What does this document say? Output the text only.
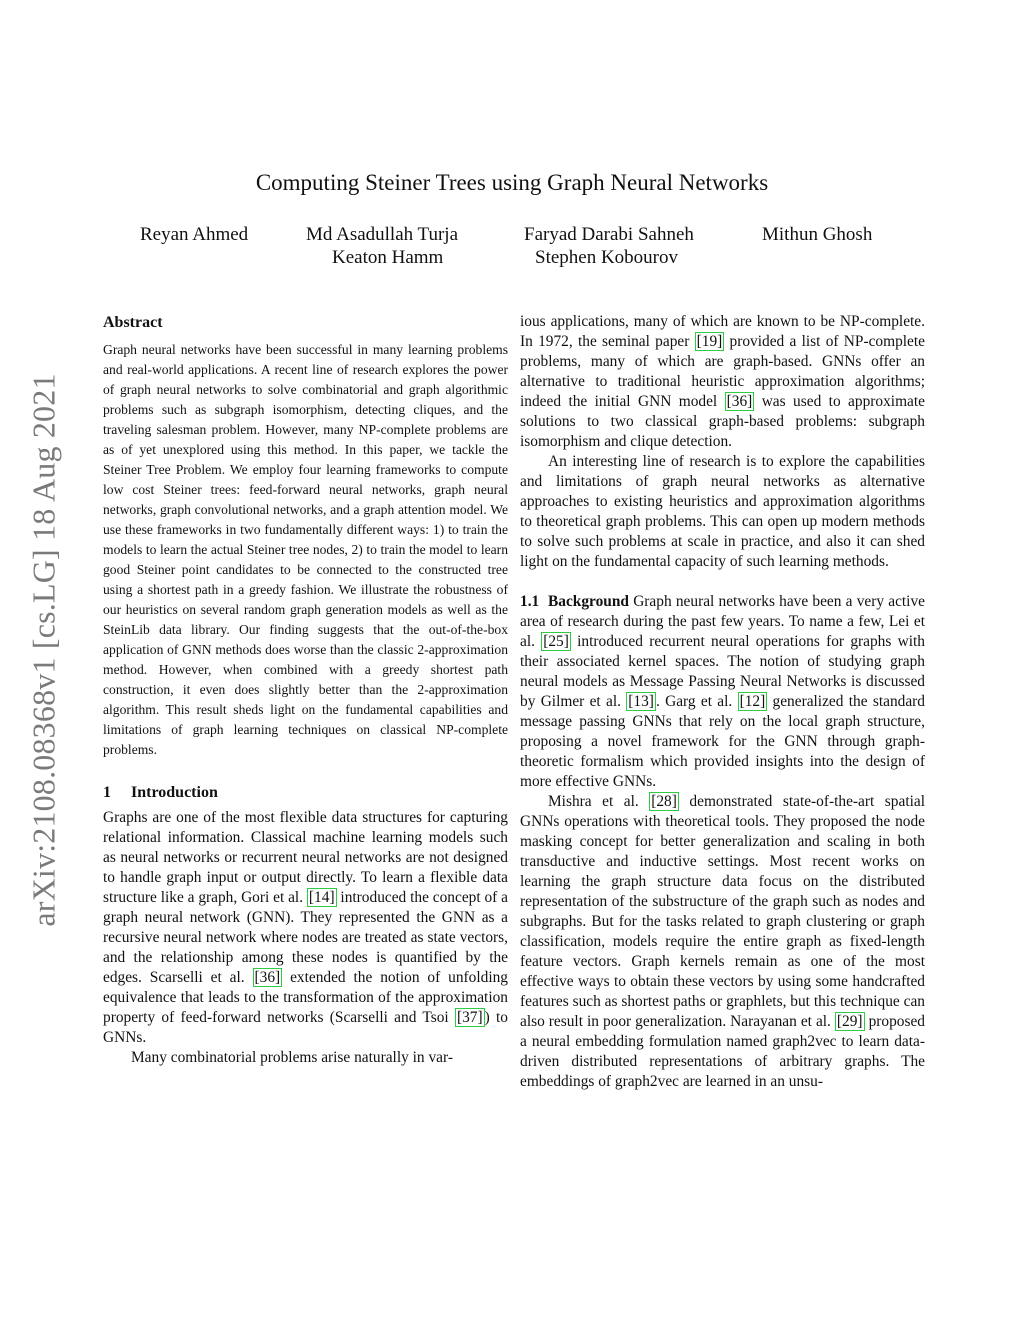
arXiv:2108.08368v1 [cs.LG] 18 Aug 2021
Computing Steiner Trees using Graph Neural Networks
Reyan Ahmed	Md Asadullah Turja	Faryad Darabi Sahneh	Mithun Ghosh
Keaton Hamm	Stephen Kobourov
Abstract

Graph neural networks have been successful in many learning problems and real-world applications. A recent line of research explores the power of graph neural networks to solve combinatorial and graph algorithmic problems such as subgraph isomorphism, detecting cliques, and the traveling salesman problem. However, many NP-complete problems are as of yet unexplored using this method. In this paper, we tackle the Steiner Tree Problem. We employ four learning frameworks to compute low cost Steiner trees: feed-forward neural networks, graph neural networks, graph convolutional networks, and a graph attention model. We use these frameworks in two fundamentally different ways: 1) to train the models to learn the actual Steiner tree nodes, 2) to train the model to learn good Steiner point candidates to be connected to the constructed tree using a shortest path in a greedy fashion. We illustrate the robustness of our heuristics on several random graph generation models as well as the SteinLib data library. Our finding suggests that the out-of-the-box application of GNN methods does worse than the classic 2-approximation method. However, when combined with a greedy shortest path construction, it even does slightly better than the 2-approximation algorithm. This result sheds light on the fundamental capabilities and limitations of graph learning techniques on classical NP-complete problems.

1 Introduction

Graphs are one of the most flexible data structures for capturing relational information. Classical machine learning models such as neural networks or recurrent neural networks are not designed to handle graph input or output directly. To learn a flexible data structure like a graph, Gori et al. [14] introduced the concept of a graph neural network (GNN). They represented the GNN as a recursive neural network where nodes are treated as state vectors, and the relationship among these nodes is quantified by the edges. Scarselli et al. [36] extended the notion of unfolding equivalence that leads to the transformation of the approximation property of feed-forward networks (Scarselli and Tsoi [37] ) to GNNs.

Many combinatorial problems arise naturally in var-

ious applications, many of which are known to be NP-complete. In 1972, the seminal paper [19] provided a list of NP-complete problems, many of which are graph-based. GNNs offer an alternative to traditional heuristic approximation algorithms; indeed the initial GNN model [36] was used to approximate solutions to two classical graph-based problems: subgraph isomorphism and clique detection.

An interesting line of research is to explore the capabilities and limitations of graph neural networks as alternative approaches to existing heuristics and approximation algorithms to theoretical graph problems. This can open up modern methods to solve such problems at scale in practice, and also it can shed light on the fundamental capacity of such learning methods.

1.1 Background Graph neural networks have been a very active area of research during the past few years. To name a few, Lei et al. [25] introduced recurrent neural operations for graphs with their associated kernel spaces. The notion of studying graph neural models as Message Passing Neural Networks is discussed by Gilmer et al. [13] . Garg et al. [12] generalized the standard message passing GNNs that rely on the local graph structure, proposing a novel framework for the GNN through graph-theoretic formalism which provided insights into the design of more effective GNNs.

Mishra et al. [28] demonstrated state-of-the-art spatial GNNs operations with theoretical tools. They proposed the node masking concept for better generalization and scaling in both transductive and inductive settings. Most recent works on learning the graph structure data focus on the distributed representation of the substructure of the graph such as nodes and subgraphs. But for the tasks related to graph clustering or graph classification, models require the entire graph as fixed-length feature vectors. Graph kernels remain as one of the most effective ways to obtain these vectors by using some handcrafted features such as shortest paths or graphlets, but this technique can also result in poor generalization. Narayanan et al. [29] proposed a neural embedding formulation named graph2vec to learn data-driven distributed representations of arbitrary graphs. The embeddings of graph2vec are learned in an unsu-
